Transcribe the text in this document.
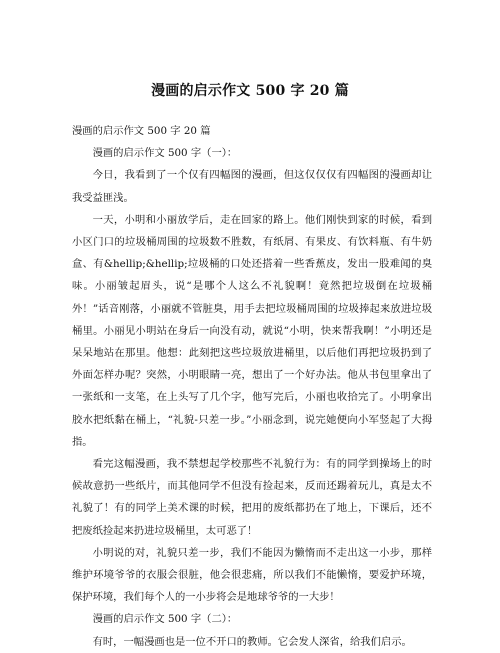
漫画的启示作文 500 字 20 篇

漫画的启示作文 500 字 20 篇

漫画的启示作文 500 字（一）：

今日，我看到了一个仅有四幅图的漫画，但这仅仅仅有四幅图的漫画却让我受益匪浅。

一天，小明和小丽放学后，走在回家的路上。他们刚快到家的时候，看到小区门口的垃圾桶周围的垃圾数不胜数，有纸屑、有果皮、有饮料瓶、有牛奶盒、有&hellip;&hellip;垃圾桶的口处还搭着一些香蕉皮，发出一股难闻的臭味。小丽皱起眉头，说“是哪个人这么不礼貌啊！竟然把垃圾倒在垃圾桶外！”话音刚落，小丽就不管脏臭，用手去把垃圾桶周围的垃圾捧起来放进垃圾桶里。小丽见小明站在身后一向没有动，就说“小明，快来帮我啊！”小明还是呆呆地站在那里。他想：此刻把这些垃圾放进桶里，以后他们再把垃圾扔到了外面怎样办呢？突然，小明眼睛一亮，想出了一个好办法。他从书包里拿出了一张纸和一支笔，在上头写了几个字，他写完后，小丽也收拾完了。小明拿出胶水把纸黏在桶上，“礼貌-只差一步。”小丽念到，说完她便向小军竖起了大拇指。

看完这幅漫画，我不禁想起学校那些不礼貌行为：有的同学到操场上的时候故意扔一些纸片，而其他同学不但没有捡起来，反而还踢着玩儿，真是太不礼貌了！有的同学上美术课的时候，把用的废纸都扔在了地上，下课后，还不把废纸捡起来扔进垃圾桶里，太可恶了！

小明说的对，礼貌只差一步，我们不能因为懒惰而不走出这一小步，那样维护环境爷爷的衣服会很脏，他会很悲痛，所以我们不能懒惰，要爱护环境，保护环境，我们每个人的一小步将会是地球爷爷的一大步！

漫画的启示作文 500 字（二）：

有时，一幅漫画也是一位不开口的教师。它会发人深省，给我们启示。
